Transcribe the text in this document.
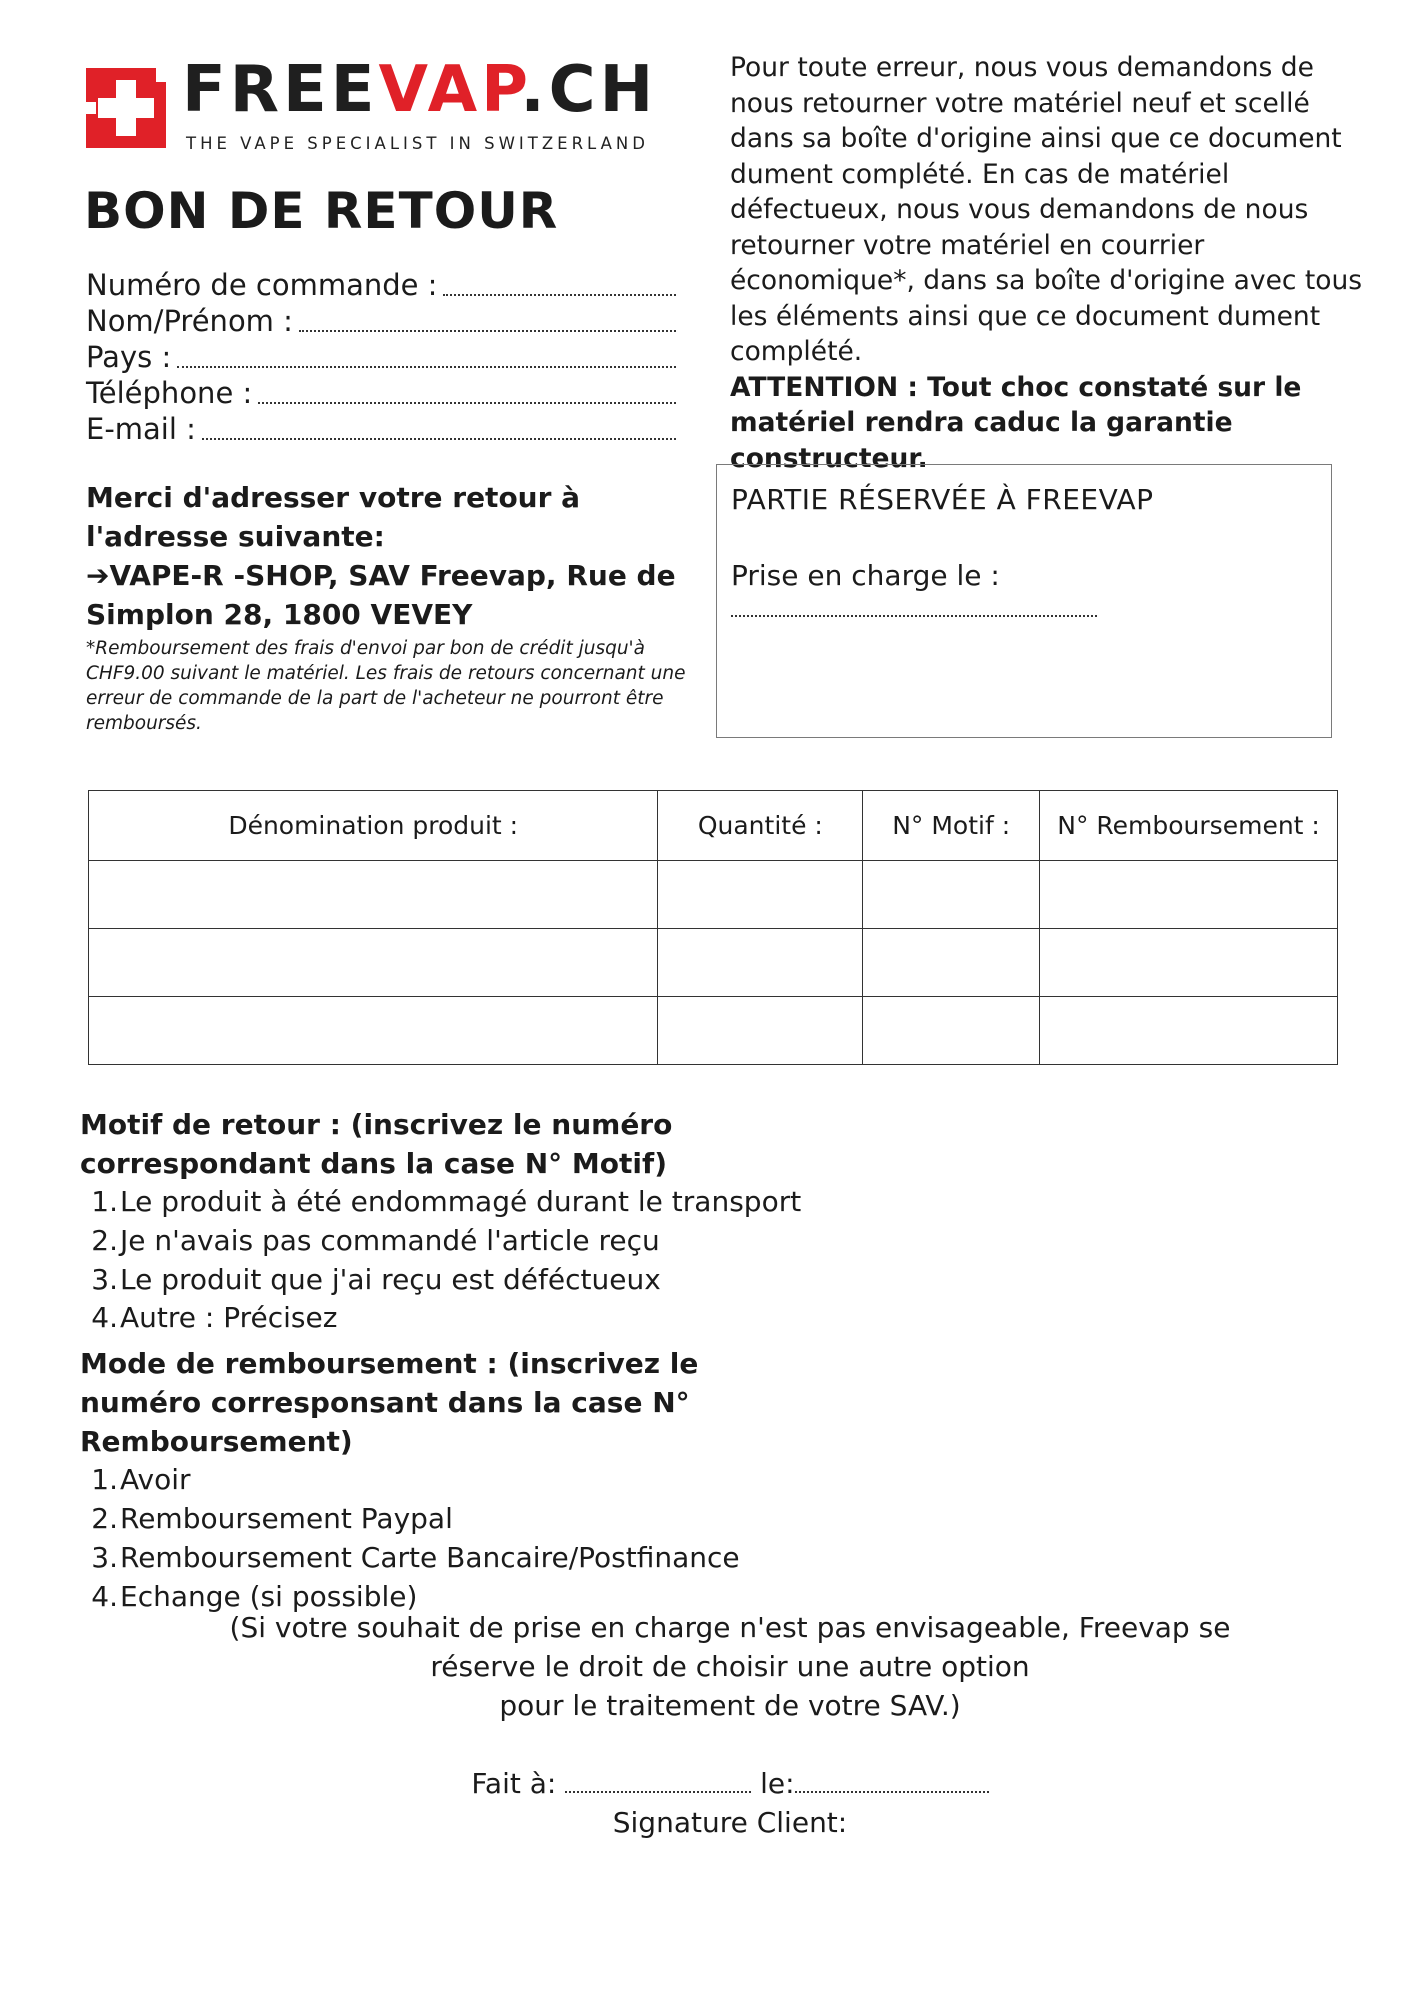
FREEVAP.CH
THE VAPE SPECIALIST IN SWITZERLAND
BON DE RETOUR
Numéro de commande :
Nom/Prénom :
Pays :
Téléphone :
E-mail :
Pour toute erreur, nous vous demandons de nous retourner votre matériel neuf et scellé dans sa boîte d'origine ainsi que ce document dument complété. En cas de matériel défectueux, nous vous demandons de nous retourner votre matériel en courrier économique*, dans sa boîte d'origine avec tous les éléments ainsi que ce document dument complété.
ATTENTION : Tout choc constaté sur le matériel rendra caduc la garantie constructeur.
Merci d'adresser votre retour à l'adresse suivante:
➔VAPE-R -SHOP, SAV Freevap, Rue de Simplon 28, 1800 VEVEY
*Remboursement des frais d'envoi par bon de crédit jusqu'à CHF9.00 suivant le matériel. Les frais de retours concernant une erreur de commande de la part de l'acheteur ne pourront être remboursés.
PARTIE RÉSERVÉE À FREEVAP
Prise en charge le :
Dénomination produit :	Quantité :	N° Motif :	N° Remboursement :

Motif de retour : (inscrivez le numéro correspondant dans la case N° Motif)
1. Le produit à été endommagé durant le transport
2. Je n'avais pas commandé l'article reçu
3. Le produit que j'ai reçu est déféctueux
4. Autre : Précisez
Mode de remboursement : (inscrivez le numéro corresponsant dans la case N° Remboursement)
1. Avoir
2. Remboursement Paypal
3. Remboursement Carte Bancaire/Postfinance
4. Echange (si possible)
(Si votre souhait de prise en charge n'est pas envisageable, Freevap se
réserve le droit de choisir une autre option
pour le traitement de votre SAV.)
Fait à:	le:
Signature Client:
